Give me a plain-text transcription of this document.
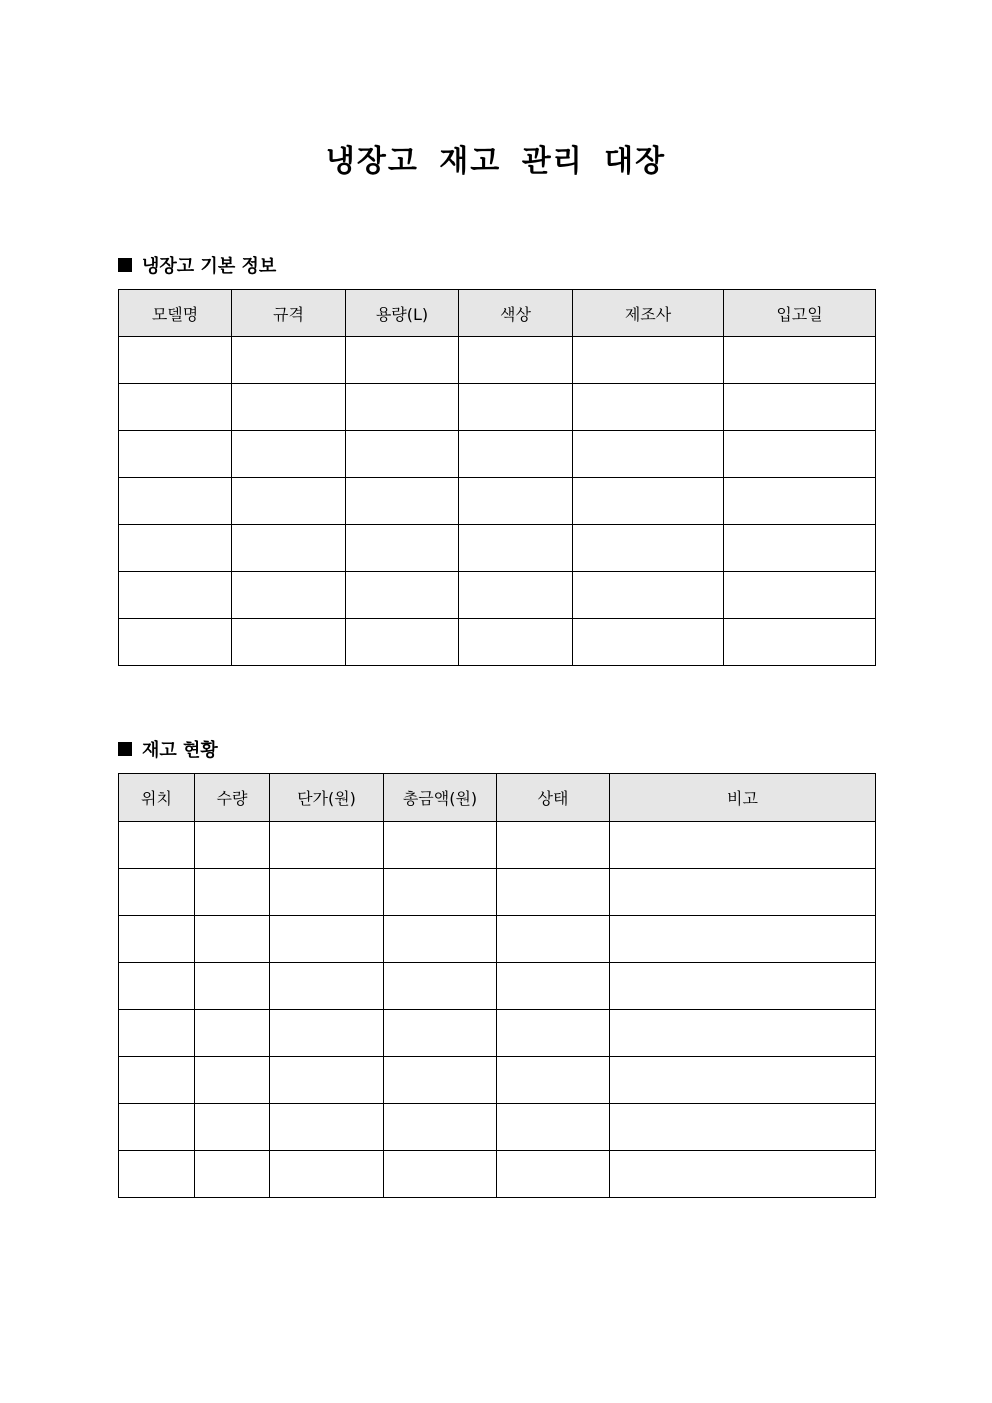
냉장고 재고 관리 대장
냉장고 기본 정보
모델명	규격	용량(L)	색상	제조사	입고일

재고 현황
위치	수량	단가(원)	총금액(원)	상태	비고
